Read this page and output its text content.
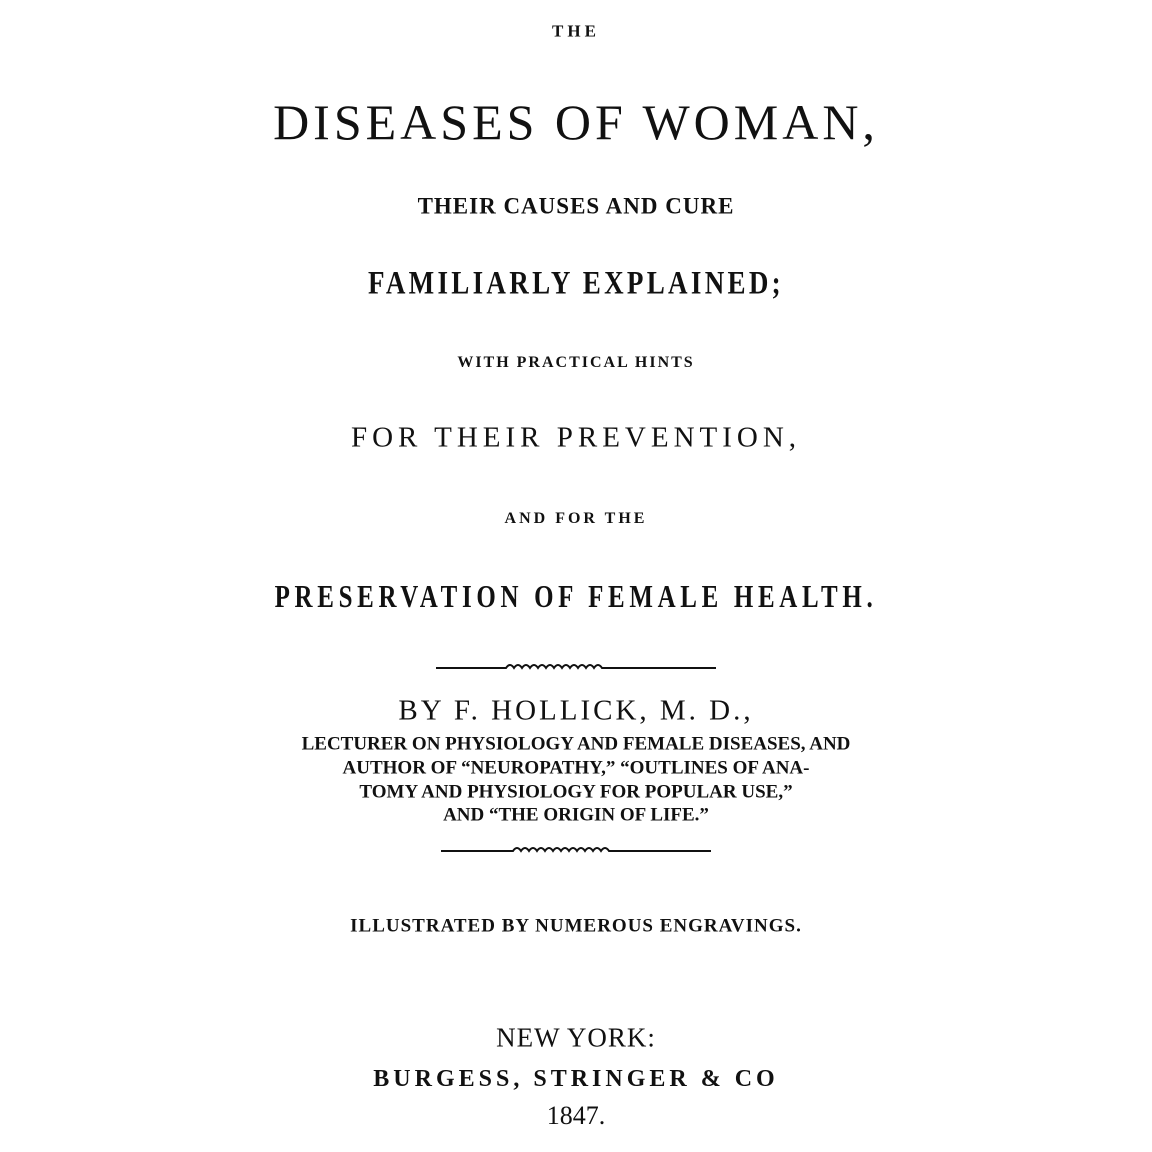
THE
DISEASES OF WOMAN,
THEIR CAUSES AND CURE
FAMILIARLY EXPLAINED;
WITH PRACTICAL HINTS
FOR THEIR PREVENTION,
AND FOR THE
PRESERVATION OF FEMALE HEALTH.
BY F. HOLLICK, M. D.,
LECTURER ON PHYSIOLOGY AND FEMALE DISEASES, AND
AUTHOR OF “NEUROPATHY,” “OUTLINES OF ANA-
TOMY AND PHYSIOLOGY FOR POPULAR USE,”
AND “THE ORIGIN OF LIFE.”
ILLUSTRATED BY NUMEROUS ENGRAVINGS.
NEW YORK:
BURGESS, STRINGER & CO
1847.
